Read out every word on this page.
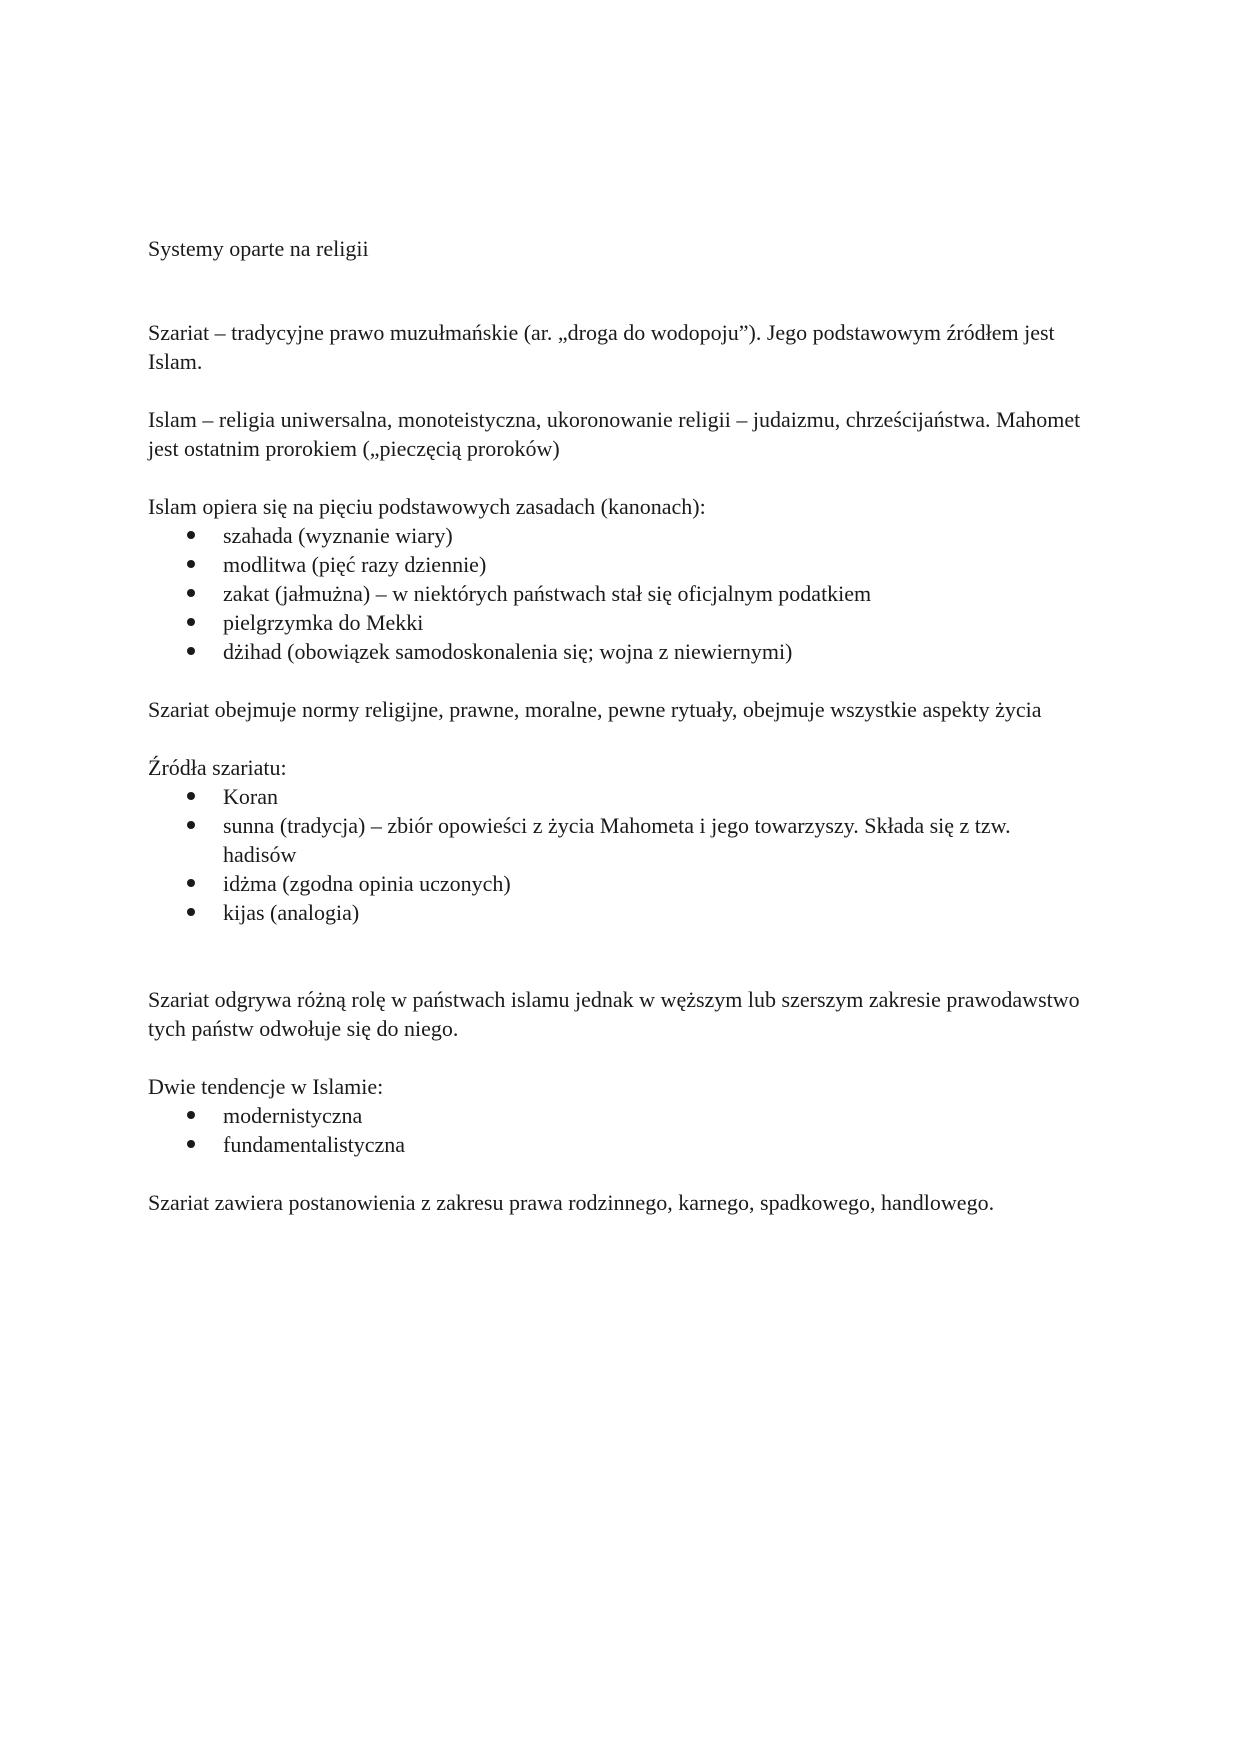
Systemy oparte na religii

Szariat – tradycyjne prawo muzułmańskie (ar. „droga do wodopoju”). Jego podstawowym źródłem jest Islam.

Islam – religia uniwersalna, monoteistyczna, ukoronowanie religii – judaizmu, chrześcijaństwa. Mahomet jest ostatnim prorokiem („pieczęcią proroków)

Islam opiera się na pięciu podstawowych zasadach (kanonach):

szahada (wyznanie wiary)
modlitwa (pięć razy dziennie)
zakat (jałmużna) – w niektórych państwach stał się oficjalnym podatkiem
pielgrzymka do Mekki
dżihad (obowiązek samodoskonalenia się; wojna z niewiernymi)

Szariat obejmuje normy religijne, prawne, moralne, pewne rytuały, obejmuje wszystkie aspekty życia

Źródła szariatu:

Koran
sunna (tradycja) – zbiór opowieści z życia Mahometa i jego towarzyszy. Składa się z tzw. hadisów
idżma (zgodna opinia uczonych)
kijas (analogia)

Szariat odgrywa różną rolę w państwach islamu jednak w węższym lub szerszym zakresie prawodawstwo tych państw odwołuje się do niego.

Dwie tendencje w Islamie:

modernistyczna
fundamentalistyczna

Szariat zawiera postanowienia z zakresu prawa rodzinnego, karnego, spadkowego, handlowego.
